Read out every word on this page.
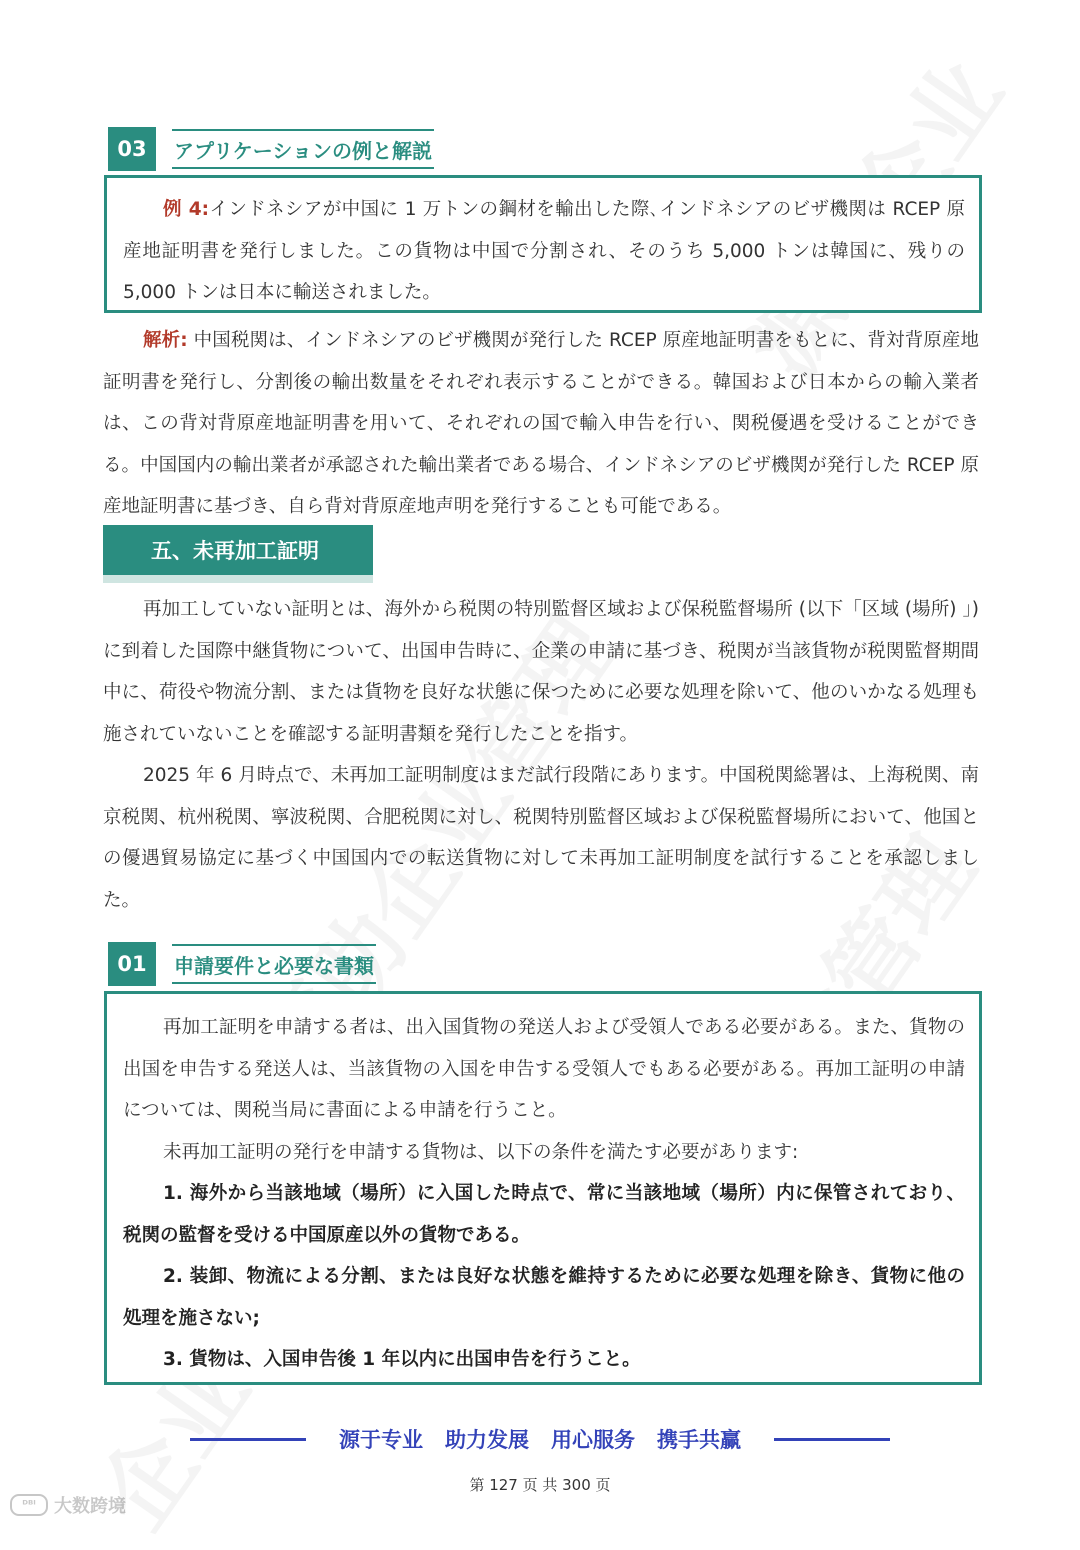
03	アプリケーションの例と解説

例 4:インドネシアが中国に 1 万トンの鋼材を輸出した際､インドネシアのビザ機関は RCEP 原産地証明書を発行しました。この貨物は中国で分割され、そのうち 5,000 トンは韓国に、残りの 5,000 トンは日本に輸送されました。

解析: 中国税関は、インドネシアのビザ機関が発行した RCEP 原産地証明書をもとに、背対背原産地証明書を発行し、分割後の輸出数量をそれぞれ表示することができる。韓国および日本からの輸入業者は、この背対背原産地証明書を用いて、それぞれの国で輸入申告を行い、関税優遇を受けることができる。中国国内の輸出業者が承認された輸出業者である場合、インドネシアのビザ機関が発行した RCEP 原産地証明書に基づき、自ら背対背原産地声明を発行することも可能である。

五、未再加工証明

再加工していない証明とは、海外から税関の特別監督区域および保税監督場所 (以下「区域 (場所) 」) に到着した国際中継貨物について、出国申告時に、企業の申請に基づき、税関が当該貨物が税関監督期間中に、荷役や物流分割、または貨物を良好な状態に保つために必要な処理を除いて、他のいかなる処理も施されていないことを確認する証明書類を発行したことを指す。

2025 年 6 月時点で、未再加工証明制度はまだ試行段階にあります。中国税関総署は、上海税関、南京税関、杭州税関、寧波税関、合肥税関に対し、税関特別監督区域および保税監督場所において、他国との優遇貿易協定に基づく中国国内での転送貨物に対して未再加工証明制度を試行することを承認しました。

01	申請要件と必要な書類

再加工証明を申請する者は、出入国貨物の発送人および受領人である必要がある。また、貨物の出国を申告する発送人は、当該貨物の入国を申告する受領人でもある必要がある。再加工証明の申請については、関税当局に書面による申請を行うこと。

未再加工証明の発行を申請する貨物は、以下の条件を満たす必要があります:

1. 海外から当該地域（場所）に入国した時点で、常に当該地域（場所）内に保管されており、税関の監督を受ける中国原産以外の貨物である。

2. 装卸、物流による分割、または良好な状態を維持するために必要な処理を除き、貨物に他の処理を施さない;

3. 貨物は、入国申告後 1 年以内に出国申告を行うこと。

源于专业 助力发展 用心服务 携手共赢
第 127 页 共 300 页
ᴰᴮᴵ	大数跨境
